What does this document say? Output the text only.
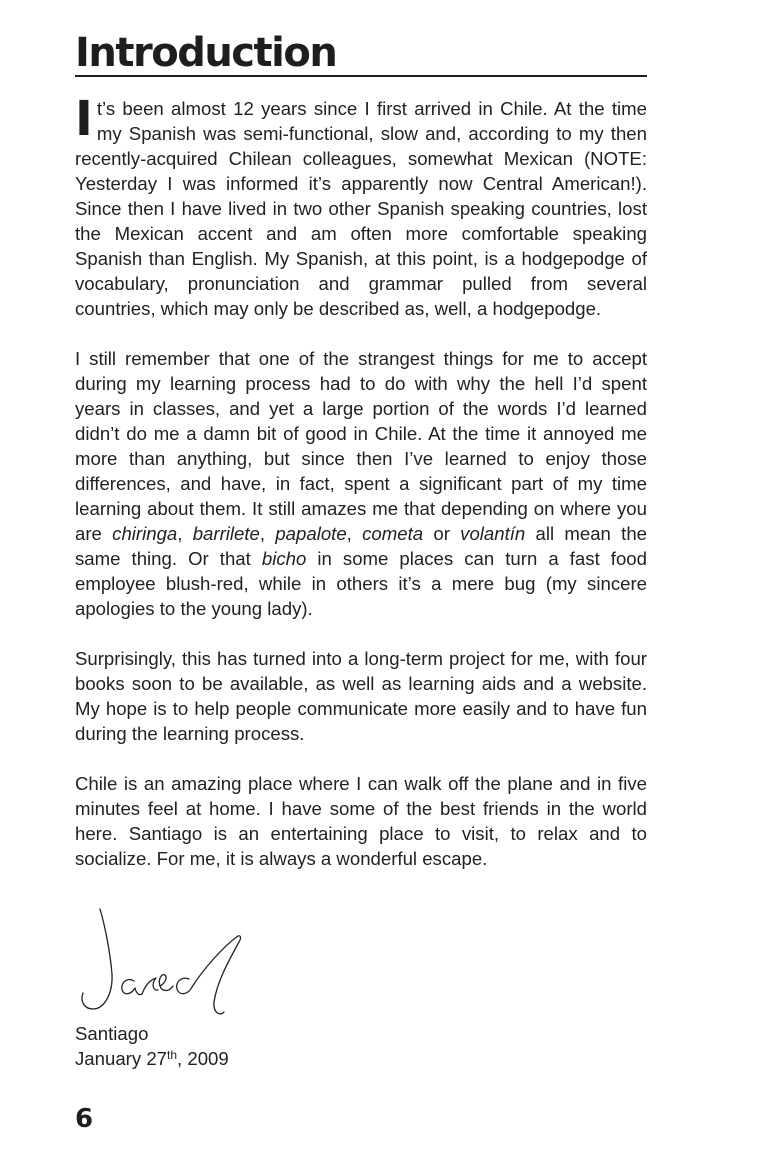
Introduction

It’s been almost 12 years since I first arrived in Chile. At the time my Spanish was semi-functional, slow and, according to my then recently-acquired Chilean colleagues, somewhat Mexican (NOTE: Yesterday I was informed it’s apparently now Central American!). Since then I have lived in two other Spanish speaking countries, lost the Mexican accent and am often more comfortable speaking Spanish than English. My Spanish, at this point, is a hodgepodge of vocabulary, pronunciation and grammar pulled from several countries, which may only be described as, well, a hodgepodge.

I still remember that one of the strangest things for me to accept during my learning process had to do with why the hell I’d spent years in classes, and yet a large portion of the words I’d learned didn’t do me a damn bit of good in Chile. At the time it annoyed me more than anything, but since then I’ve learned to enjoy those differences, and have, in fact, spent a significant part of my time learning about them. It still amazes me that depending on where you are chiringa, barrilete, papalote, cometa or volantín all mean the same thing. Or that bicho in some places can turn a fast food employee blush-red, while in others it’s a mere bug (my sincere apologies to the young lady).

Surprisingly, this has turned into a long-term project for me, with four books soon to be available, as well as learning aids and a website. My hope is to help people communicate more easily and to have fun during the learning process.

Chile is an amazing place where I can walk off the plane and in five minutes feel at home. I have some of the best friends in the world here. Santiago is an entertaining place to visit, to relax and to socialize. For me, it is always a wonderful escape.

Santiago
January 27th, 2009
6
